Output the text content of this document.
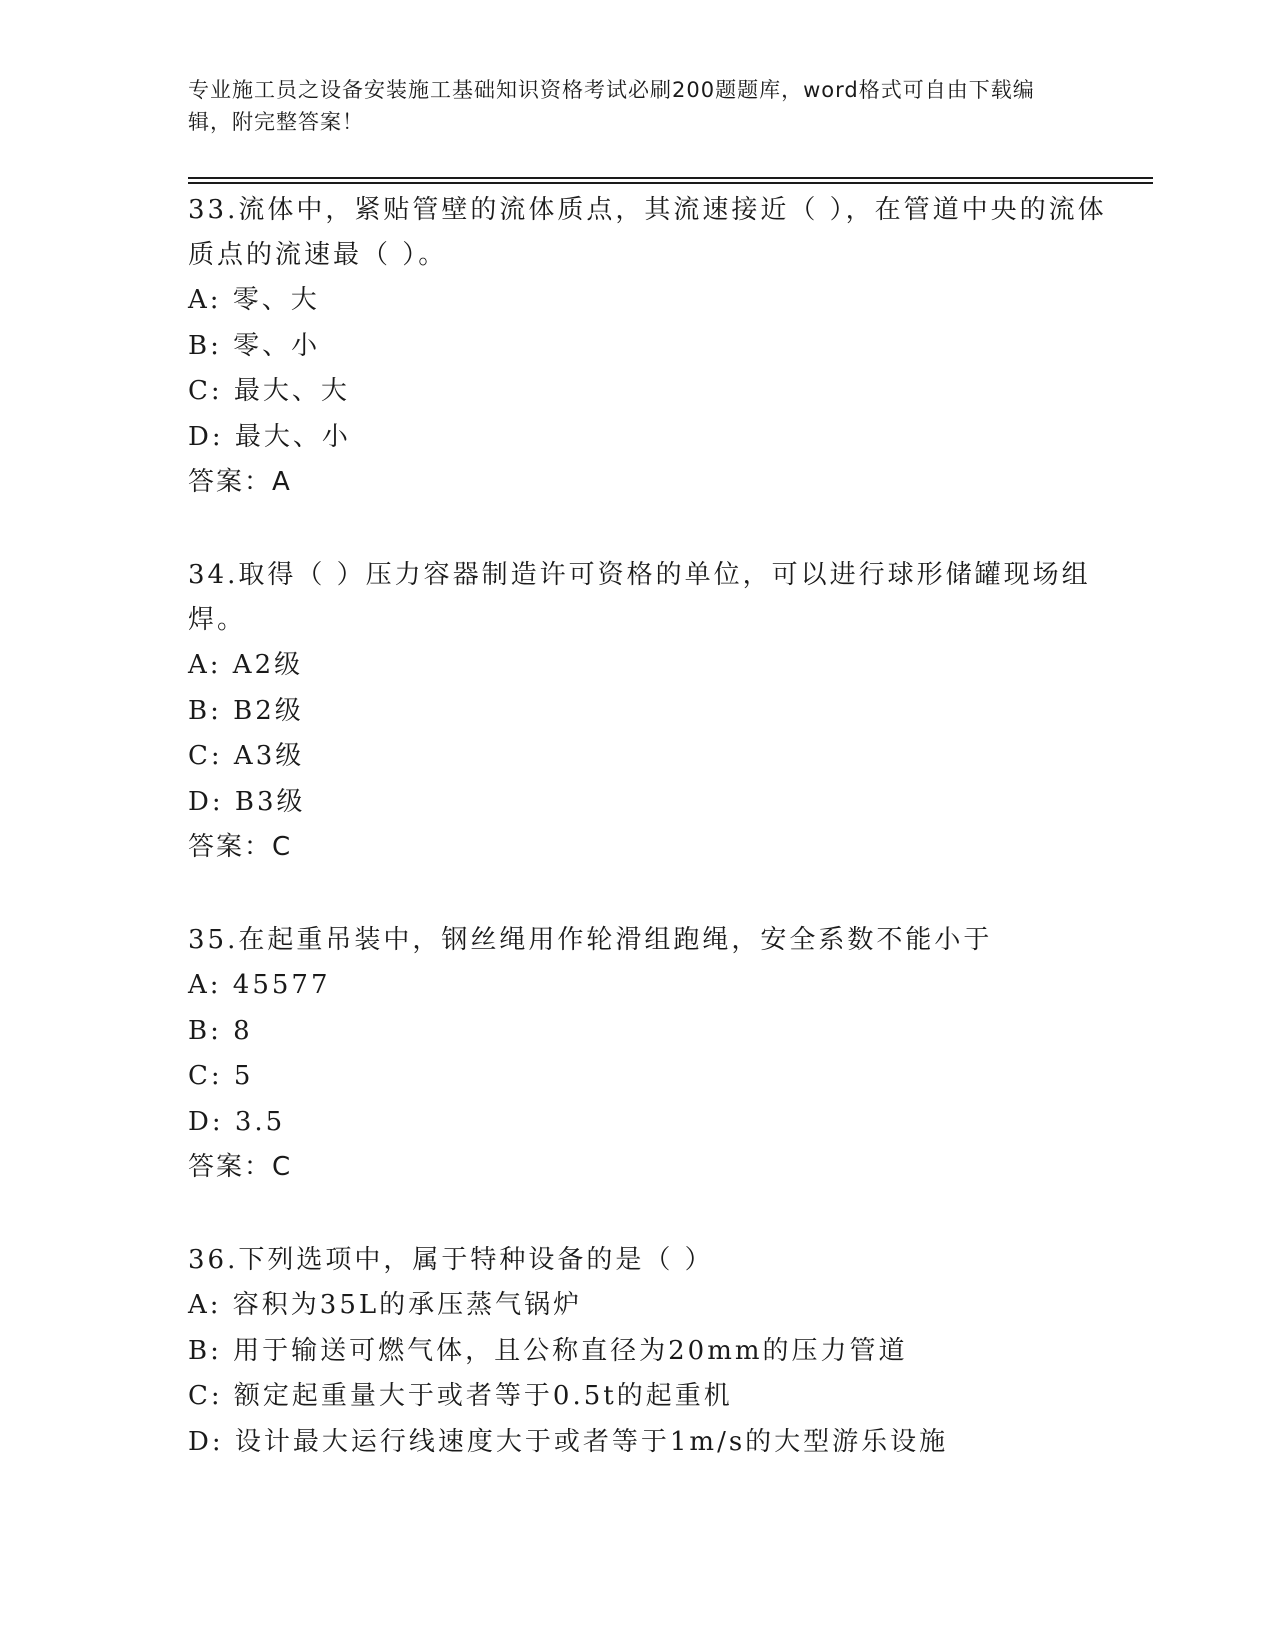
专业施工员之设备安装施工基础知识资格考试必刷200题题库，word格式可自由下载编辑，附完整答案！

33.流体中，紧贴管壁的流体质点，其流速接近（ ），在管道中央的流体质点的流速最（ ）。

A: 零、大

B: 零、小

C: 最大、大

D: 最大、小

答案：A

34.取得（ ）压力容器制造许可资格的单位，可以进行球形储罐现场组焊。

A: A2级

B: B2级

C: A3级

D: B3级

答案：C

35.在起重吊装中，钢丝绳用作轮滑组跑绳，安全系数不能小于

A: 45577

B: 8

C: 5

D: 3.5

答案：C

36.下列选项中，属于特种设备的是（ ）

A: 容积为35L的承压蒸气锅炉

B: 用于输送可燃气体，且公称直径为20mm的压力管道

C: 额定起重量大于或者等于0.5t的起重机

D: 设计最大运行线速度大于或者等于1m/s的大型游乐设施
